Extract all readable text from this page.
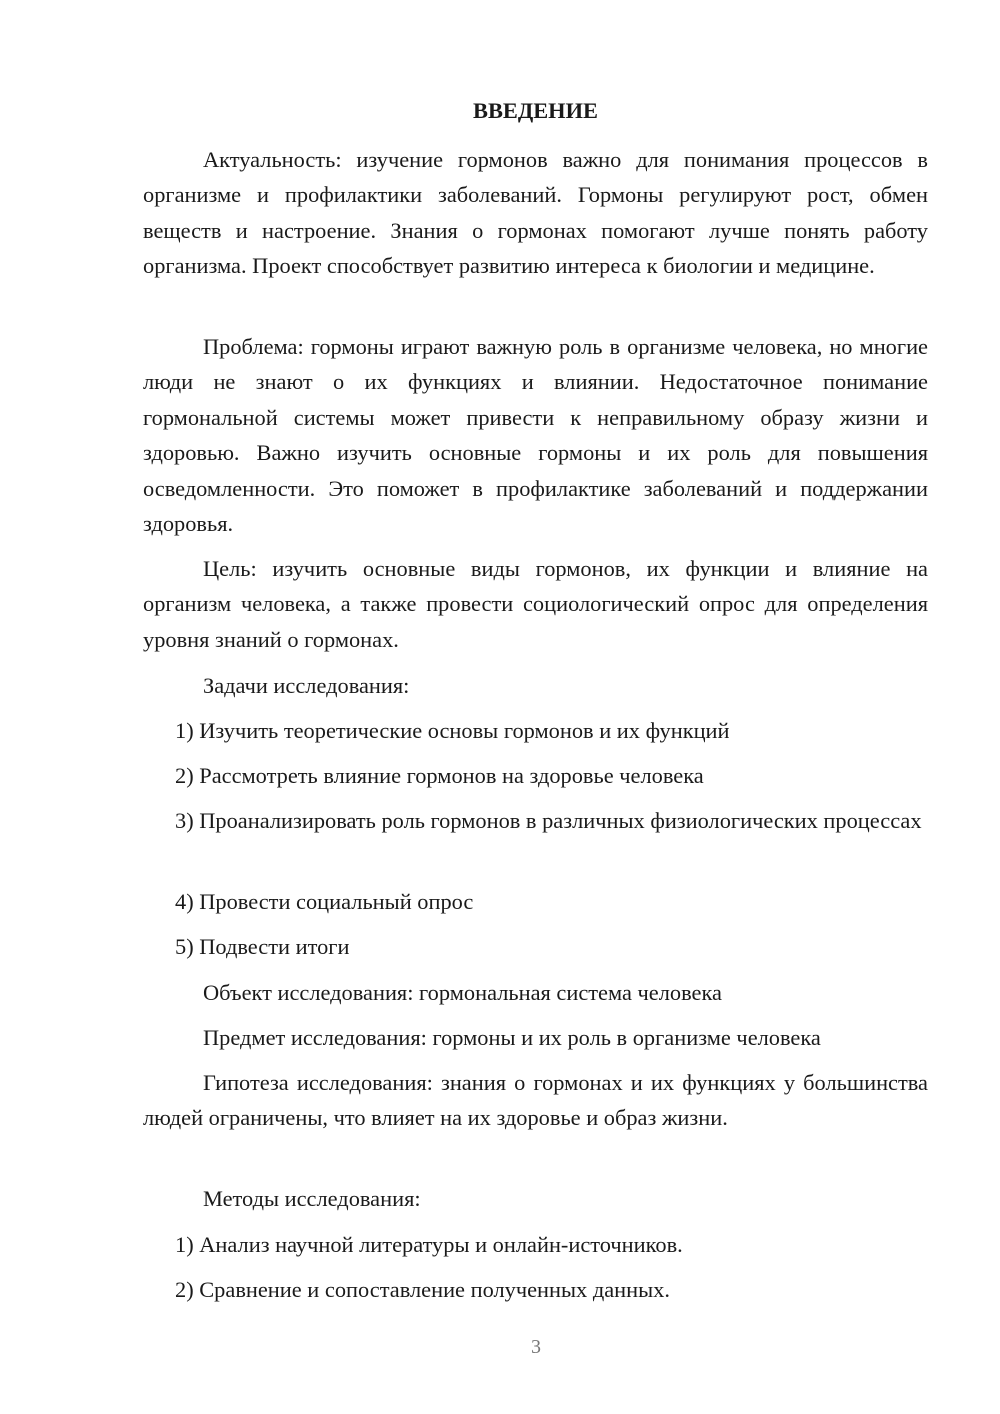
ВВЕДЕНИЕ

Актуальность: изучение гормонов важно для понимания процессов в организме и профилактики заболеваний. Гормоны регулируют рост, обмен веществ и настроение. Знания о гормонах помогают лучше понять работу организма. Проект способствует развитию интереса к биологии и медицине.

Проблема: гормоны играют важную роль в организме человека, но многие люди не знают о их функциях и влиянии. Недостаточное понимание гормональной системы может привести к неправильному образу жизни и здоровью. Важно изучить основные гормоны и их роль для повышения осведомленности. Это поможет в профилактике заболеваний и поддержании здоровья.

Цель: изучить основные виды гормонов, их функции и влияние на организм человека, а также провести социологический опрос для определения уровня знаний о гормонах.

Задачи исследования:

1) Изучить теоретические основы гормонов и их функций

2) Рассмотреть влияние гормонов на здоровье человека

3) Проанализировать роль гормонов в различных физиологических процессах

4) Провести социальный опрос

5) Подвести итоги

Объект исследования: гормональная система человека

Предмет исследования: гормоны и их роль в организме человека

Гипотеза исследования: знания о гормонах и их функциях у большинства людей ограничены, что влияет на их здоровье и образ жизни.

Методы исследования:

1) Анализ научной литературы и онлайн-источников.

2) Сравнение и сопоставление полученных данных.

3
